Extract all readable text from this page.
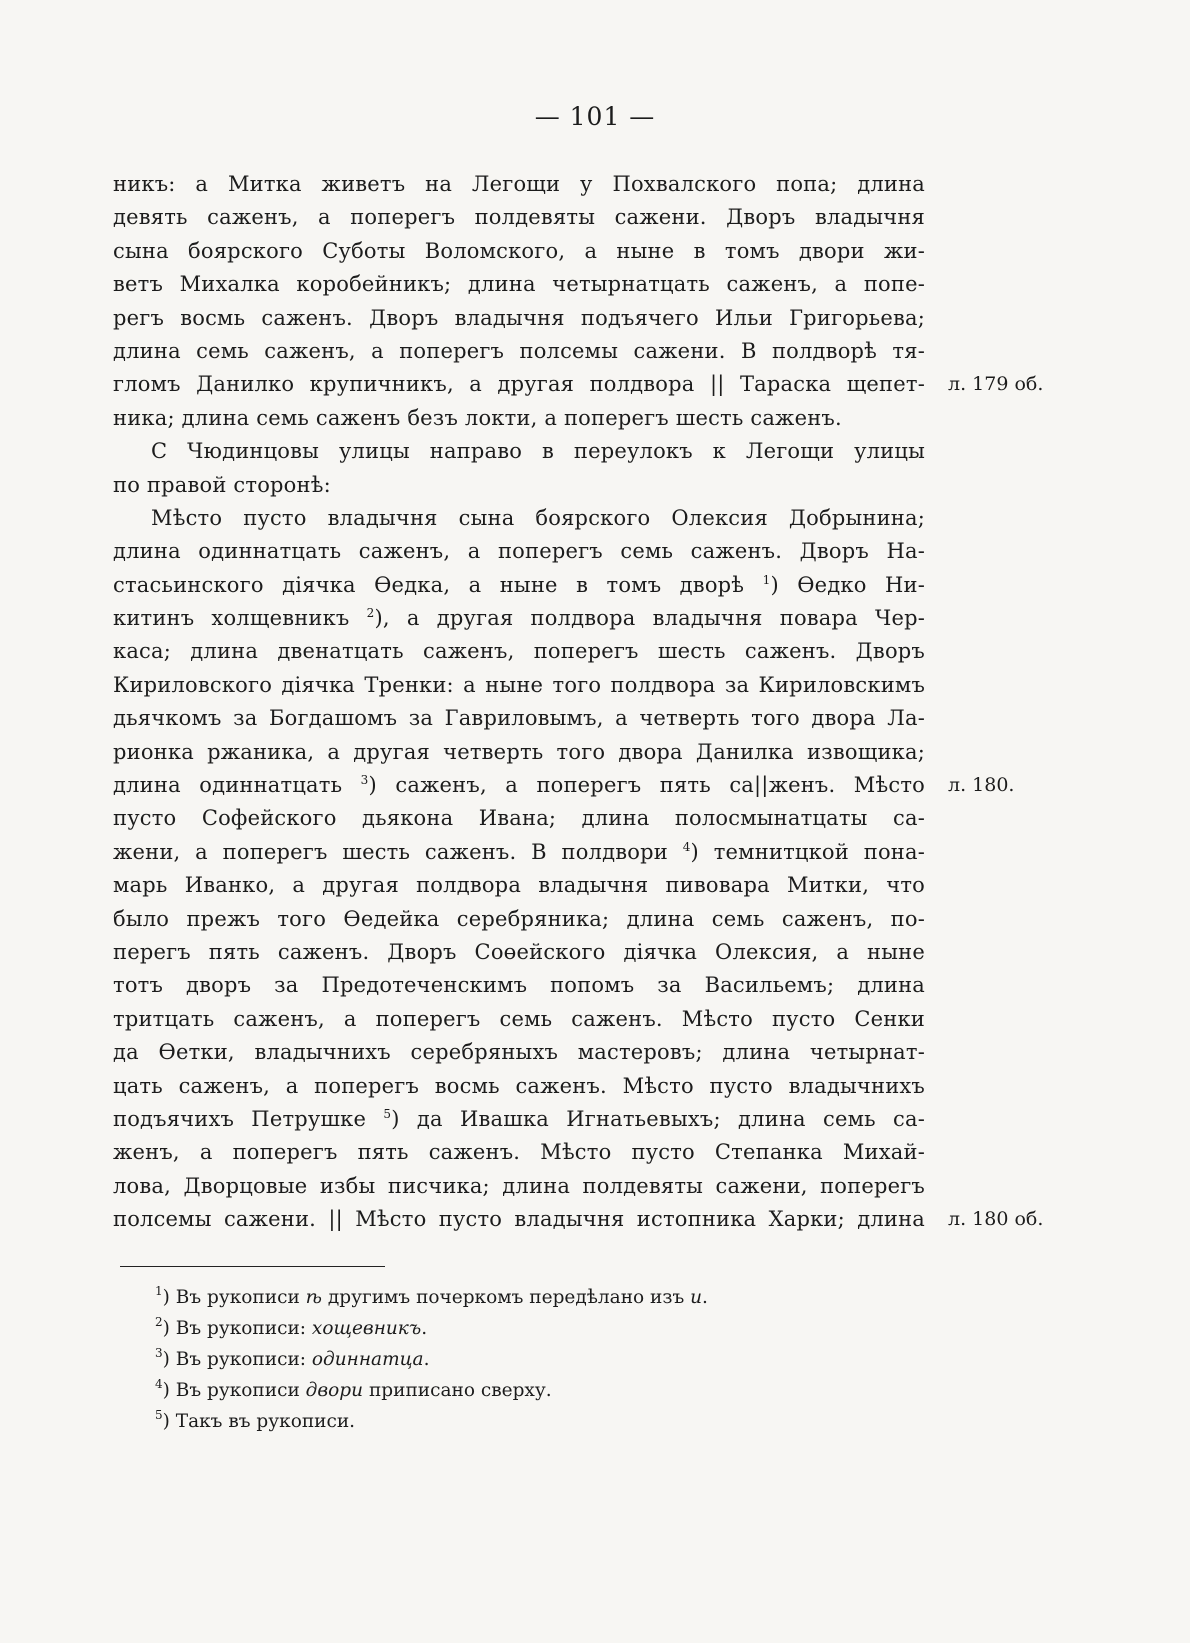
— 101 —
никъ: а Митка живетъ на Легощи у Похвалского попа; длина
девять саженъ, а поперегъ полдевяты сажени. Дворъ владычня
сына боярского Суботы Воломского, а ныне в томъ двори жи-
ветъ Михалка коробейникъ; длина четырнатцать саженъ, а попе-
регъ восмь саженъ. Дворъ владычня подъячего Ильи Григорьева;
длина семь саженъ, а поперегъ полсемы сажени. В полдворѣ тя-
гломъ Данилко крупичникъ, а другая полдвора || Тараска щепет-
ника; длина семь саженъ безъ локти, а поперегъ шесть саженъ.
С Чюдинцовы улицы направо в переулокъ к Легощи улицы
по правой сторонѣ:
Мѣсто пусто владычня сына боярского Олексия Добрынина;
длина одиннатцать саженъ, а поперегъ семь саженъ. Дворъ На-
стасьинского діячка Өедка, а ныне в томъ дворѣ $^1$) Өедко Ни-
китинъ холщевникъ $^2$), а другая полдвора владычня повара Чер-
каса; длина двенатцать саженъ, поперегъ шесть саженъ. Дворъ
Кириловского діячка Тренки: а ныне того полдвора за Кириловскимъ
дьячкомъ за Богдашомъ за Гавриловымъ, а четверть того двора Ла-
рионка ржаника, а другая четверть того двора Данилка извощика;
длина одиннатцать $^3$) саженъ, а поперегъ пять са||женъ. Мѣсто
пусто Софейского дьякона Ивана; длина полосмынатцаты са-
жени, а поперегъ шесть саженъ. В полдвори $^4$) темнитцкой пона-
марь Иванко, а другая полдвора владычня пивовара Митки, что
было прежъ того Өедейка серебряника; длина семь саженъ, по-
перегъ пять саженъ. Дворъ Соөейского діячка Олексия, а ныне
тотъ дворъ за Предотеченскимъ попомъ за Васильемъ; длина
тритцать саженъ, а поперегъ семь саженъ. Мѣсто пусто Сенки
да Өетки, владычнихъ серебряныхъ мастеровъ; длина четырнат-
цать саженъ, а поперегъ восмь саженъ. Мѣсто пусто владычнихъ
подъячихъ Петрушке $^5$) да Ивашка Игнатьевыхъ; длина семь са-
женъ, а поперегъ пять саженъ. Мѣсто пусто Степанка Михай-
лова, Дворцовые избы писчика; длина полдевяты сажени, поперегъ
полсемы сажени. || Мѣсто пусто владычня истопника Харки; длина
л. 179 об.
л. 180.
л. 180 об.
$^1$) Въ рукописи ѣ другимъ почеркомъ передѣлано изъ и.
$^2$) Въ рукописи: хощевникъ.
$^3$) Въ рукописи: одиннатца.
$^4$) Въ рукописи двори приписано сверху.
$^5$) Такъ въ рукописи.
